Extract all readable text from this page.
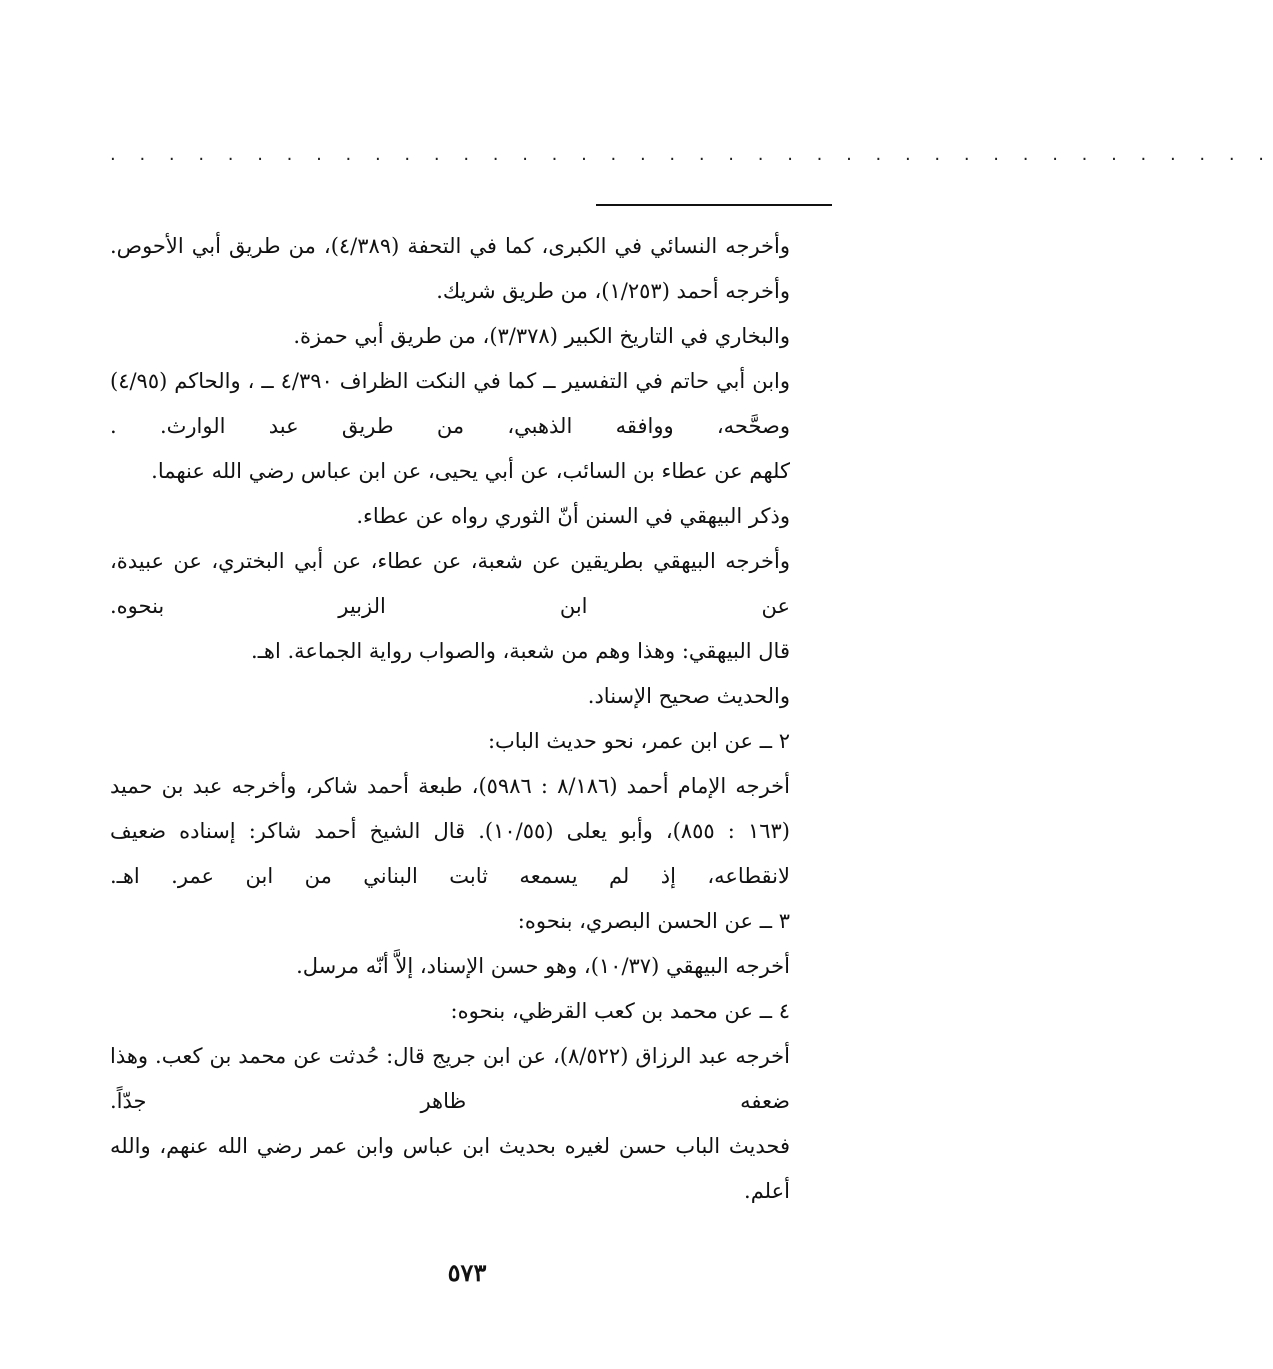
. . . . . . . . . . . . . . . . . . . . . . . . . . . . . . . . . . . . . . . .

وأخرجه النسائي في الكبرى، كما في التحفة (٤/٣٨٩)، من طريق أبي الأحوص.

وأخرجه أحمد (١/٢٥٣)، من طريق شريك.

والبخاري في التاريخ الكبير (٣/٣٧٨)، من طريق أبي حمزة.

وابن أبي حاتم في التفسير ــ كما في النكت الظراف ٤/٣٩٠ ــ ، والحاكم (٤/٩٥) وصحَّحه، ووافقه الذهبي، من طريق عبد الوارث. .

كلهم عن عطاء بن السائب، عن أبي يحيى، عن ابن عباس رضي الله عنهما.

وذكر البيهقي في السنن أنّ الثوري رواه عن عطاء.

وأخرجه البيهقي بطريقين عن شعبة، عن عطاء، عن أبي البختري، عن عبيدة، عن ابن الزبير بنحوه.

قال البيهقي: وهذا وهم من شعبة، والصواب رواية الجماعة. اهـ.

والحديث صحيح الإسناد.

٢ ــ عن ابن عمر، نحو حديث الباب:

أخرجه الإمام أحمد (٨/١٨٦ : ٥٩٨٦)، طبعة أحمد شاكر، وأخرجه عبد بن حميد (١٦٣ : ٨٥٥)، وأبو يعلى (١٠/٥٥). قال الشيخ أحمد شاكر: إسناده ضعيف لانقطاعه، إذ لم يسمعه ثابت البناني من ابن عمر. اهـ.

٣ ــ عن الحسن البصري، بنحوه:

أخرجه البيهقي (١٠/٣٧)، وهو حسن الإسناد، إلاَّ أنّه مرسل.

٤ ــ عن محمد بن كعب القرظي، بنحوه:

أخرجه عبد الرزاق (٨/٥٢٢)، عن ابن جريج قال: حُدثت عن محمد بن كعب. وهذا ضعفه ظاهر جدّاً.

فحديث الباب حسن لغيره بحديث ابن عباس وابن عمر رضي الله عنهم، والله أعلم.

٥٧٣
